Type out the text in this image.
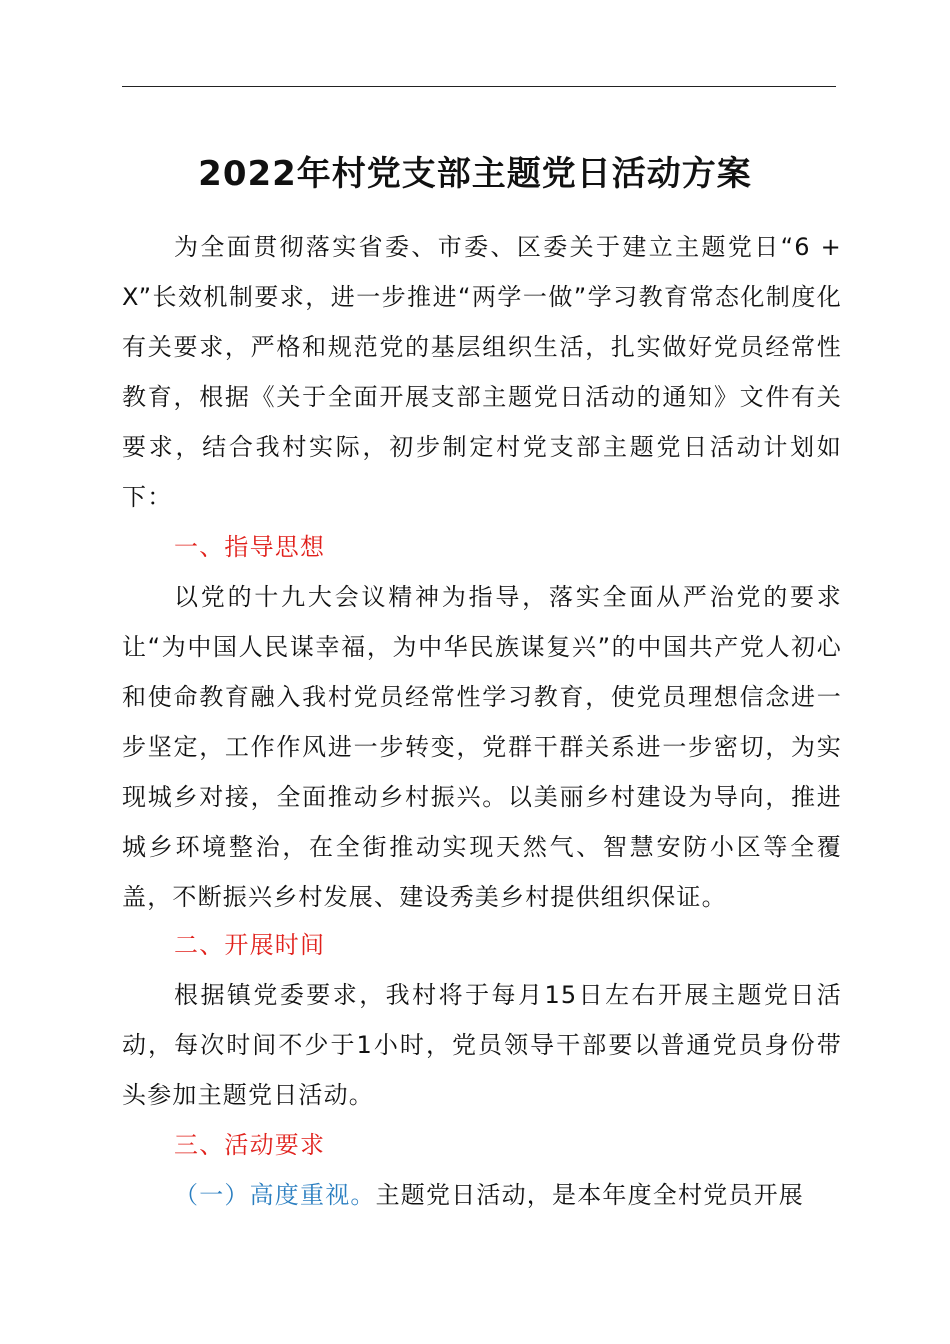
2022年村党支部主题党日活动方案

为全面贯彻落实省委、市委、区委关于建立主题党日“6 + X”长效机制要求，进一步推进“两学一做”学习教育常态化制度化有关要求，严格和规范党的基层组织生活，扎实做好党员经常性教育，根据《关于全面开展支部主题党日活动的通知》文件有关要求，结合我村实际，初步制定村党支部主题党日活动计划如下：

一、指导思想

以党的十九大会议精神为指导，落实全面从严治党的要求让“为中国人民谋幸福，为中华民族谋复兴”的中国共产党人初心和使命教育融入我村党员经常性学习教育，使党员理想信念进一步坚定，工作作风进一步转变，党群干群关系进一步密切，为实现城乡对接，全面推动乡村振兴。以美丽乡村建设为导向，推进城乡环境整治，在全街推动实现天然气、智慧安防小区等全覆盖，不断振兴乡村发展、建设秀美乡村提供组织保证。

二、开展时间

根据镇党委要求，我村将于每月15日左右开展主题党日活动，每次时间不少于1小时，党员领导干部要以普通党员身份带头参加主题党日活动。

三、活动要求

（一）高度重视。主题党日活动，是本年度全村党员开展
